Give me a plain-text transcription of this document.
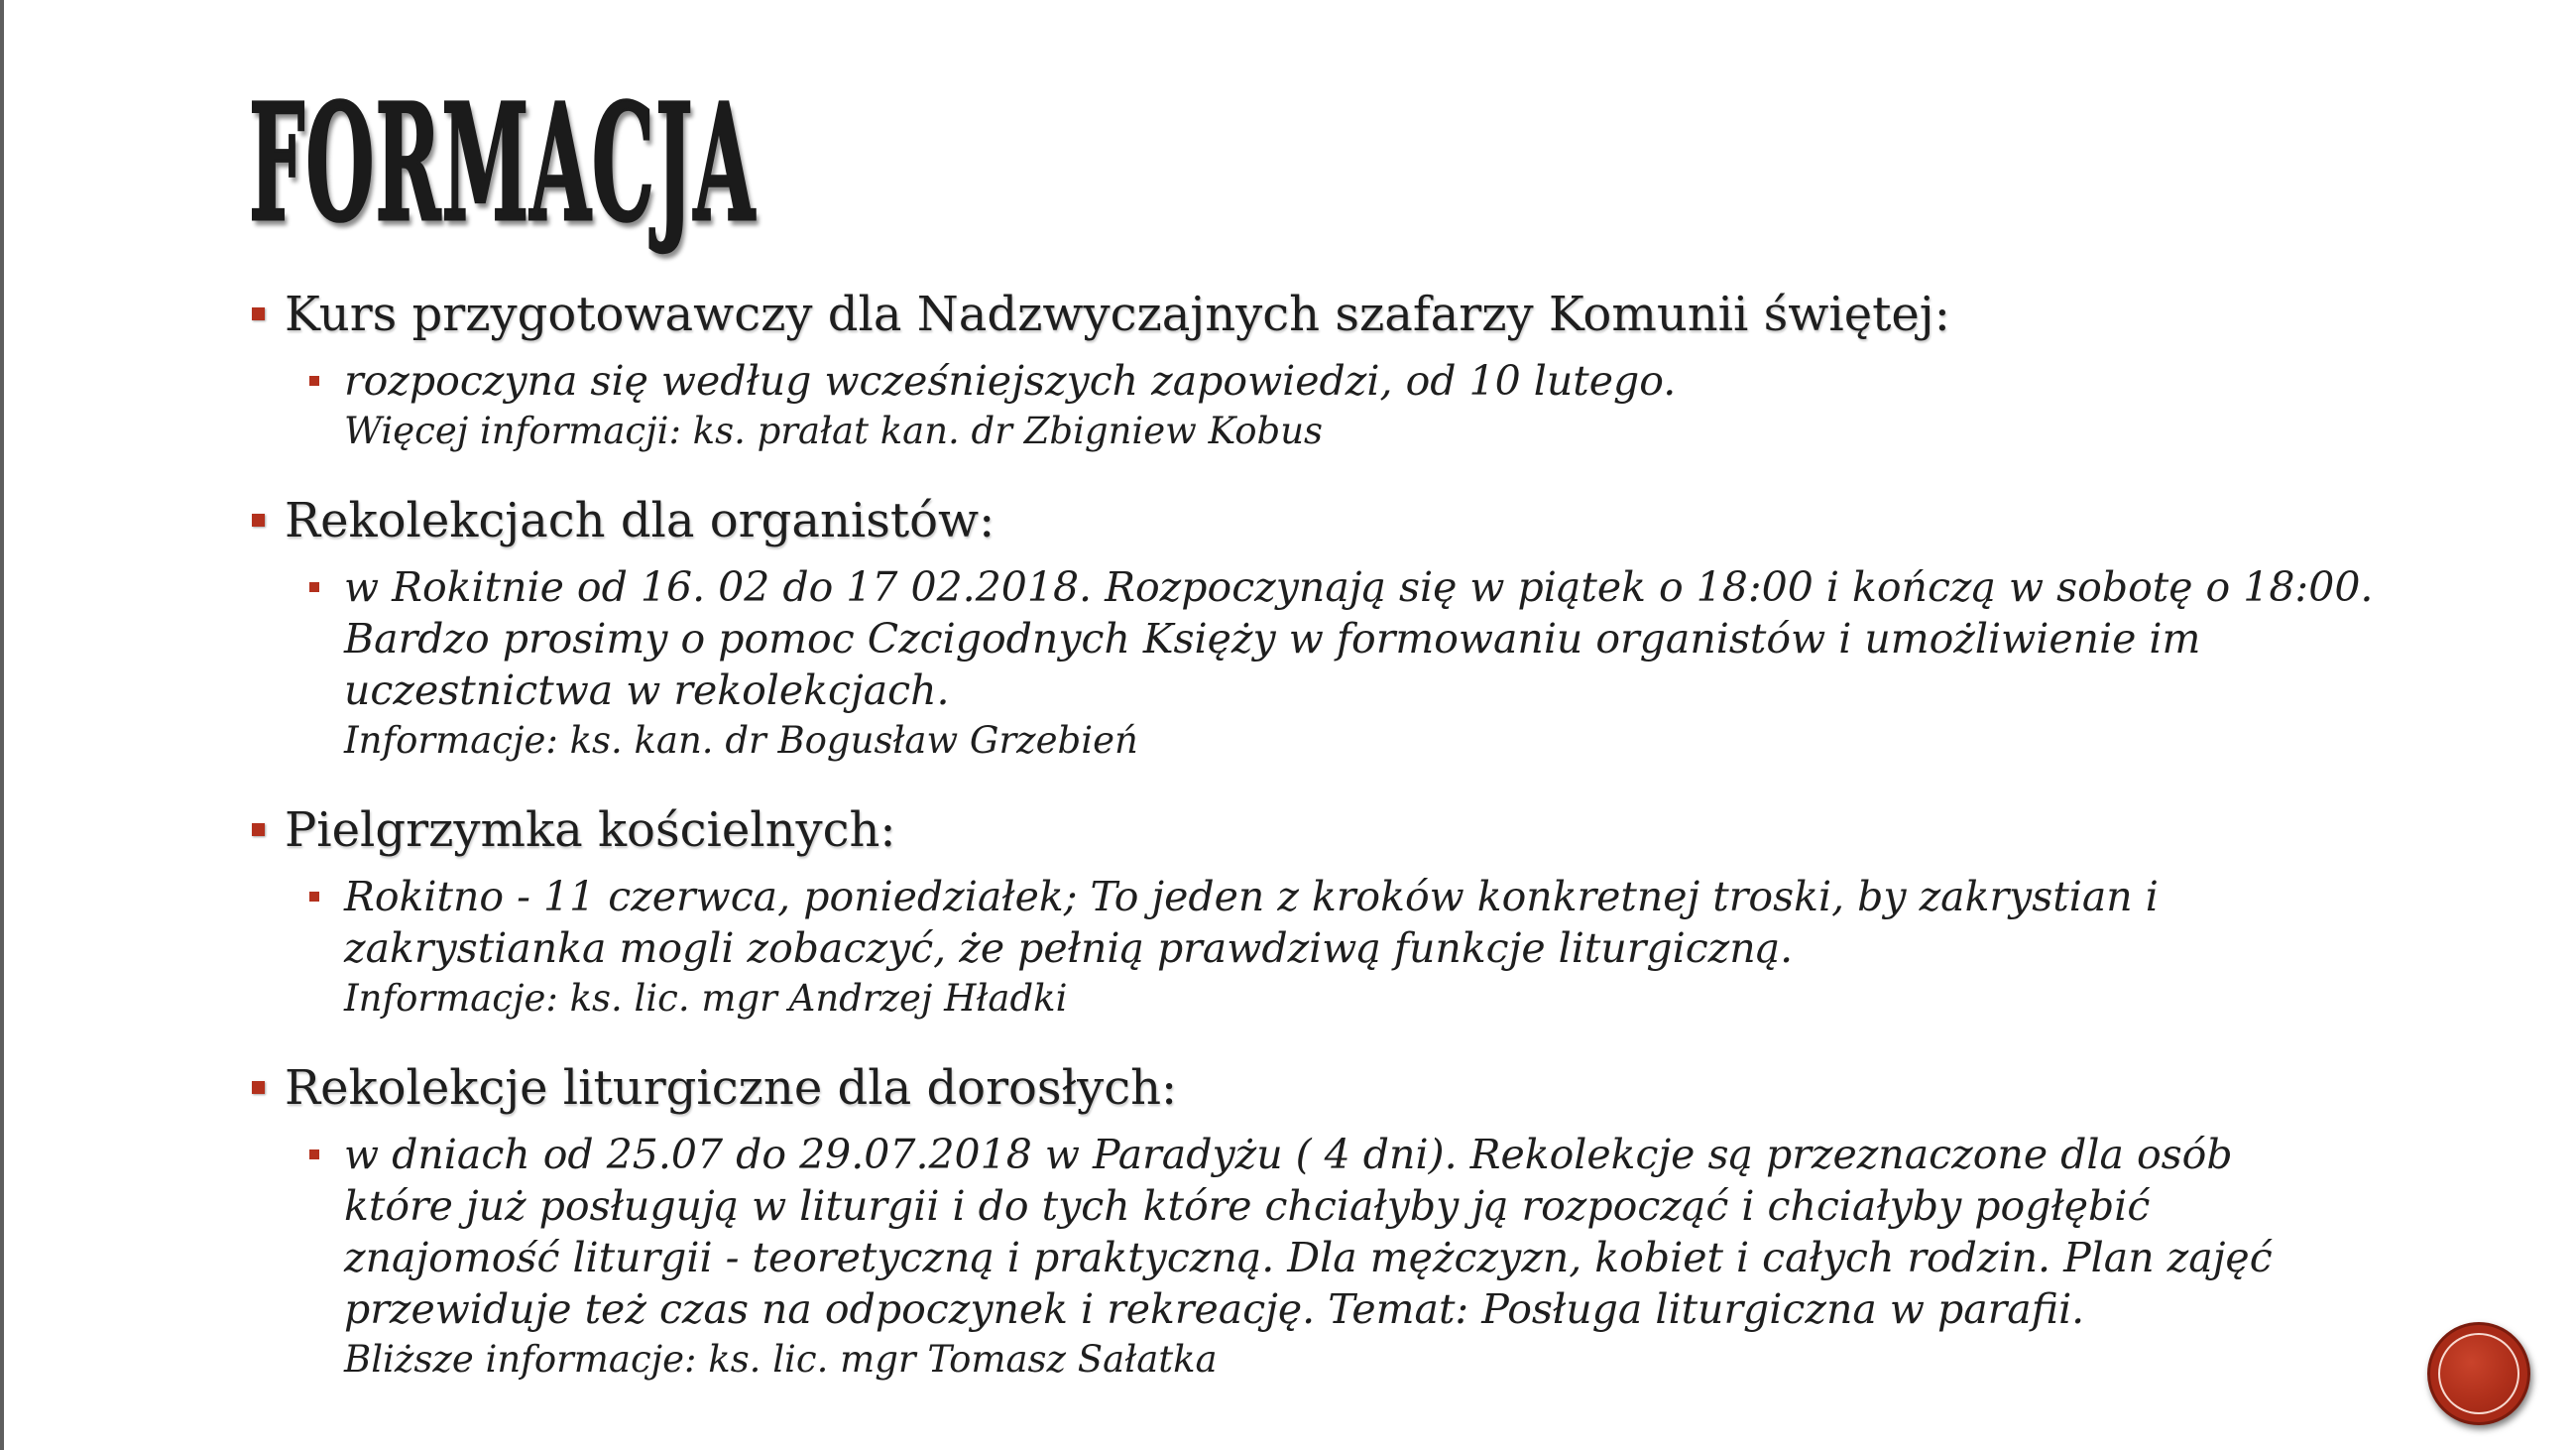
FORMACJA
Kurs przygotowawczy dla Nadzwyczajnych szafarzy Komunii świętej:
rozpoczyna się według wcześniejszych zapowiedzi, od 10 lutego.
Więcej informacji: ks. prałat kan. dr Zbigniew Kobus
Rekolekcjach dla organistów:
w Rokitnie od 16. 02 do 17 02.2018. Rozpoczynają się w piątek o 18:00 i kończą w sobotę o 18:00.
Bardzo prosimy o pomoc Czcigodnych Księży w formowaniu organistów i umożliwienie im
uczestnictwa w rekolekcjach.
Informacje: ks. kan. dr Bogusław Grzebień
Pielgrzymka kościelnych:
Rokitno - 11 czerwca, poniedziałek; To jeden z kroków konkretnej troski, by zakrystian i
zakrystianka mogli zobaczyć, że pełnią prawdziwą funkcje liturgiczną.
Informacje: ks. lic. mgr Andrzej Hładki
Rekolekcje liturgiczne dla dorosłych:
w dniach od 25.07 do 29.07.2018 w Paradyżu ( 4 dni). Rekolekcje są przeznaczone dla osób
które już posługują w liturgii i do tych które chciałyby ją rozpocząć i chciałyby pogłębić
znajomość liturgii - teoretyczną i praktyczną. Dla mężczyzn, kobiet i całych rodzin. Plan zajęć
przewiduje też czas na odpoczynek i rekreację. Temat: Posługa liturgiczna w parafii.
Bliższe informacje: ks. lic. mgr Tomasz Sałatka
